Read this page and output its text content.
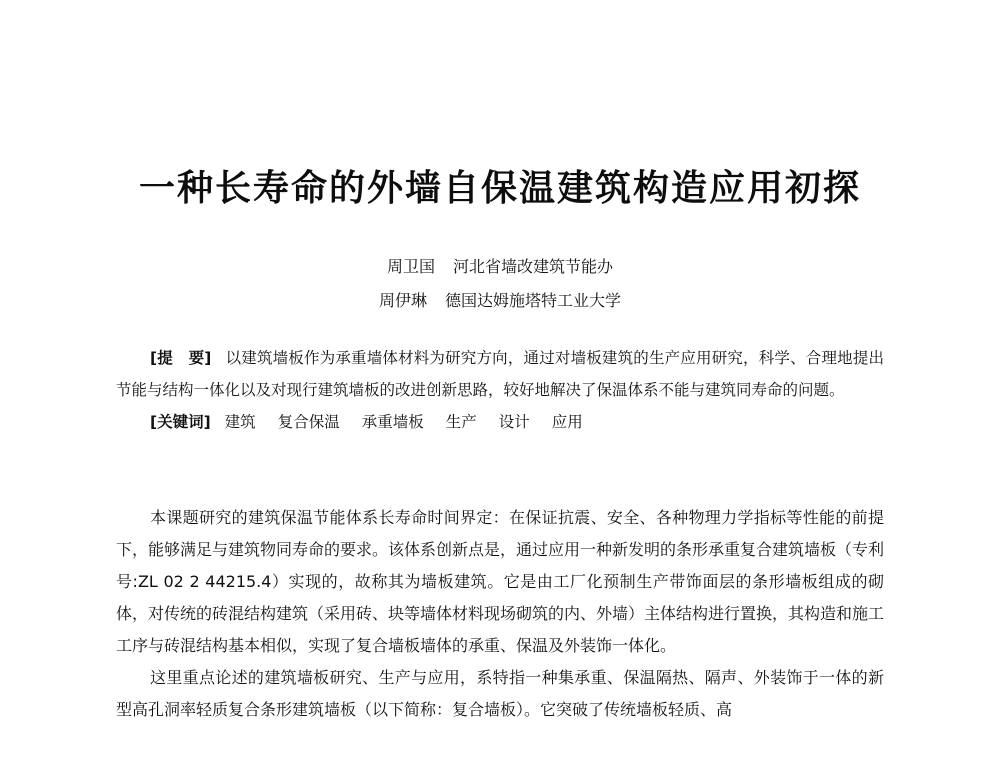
一种长寿命的外墙自保温建筑构造应用初探
周卫国 河北省墙改建筑节能办
周伊琳 德国达姆施塔特工业大学

[提　要] 以建筑墙板作为承重墙体材料为研究方向，通过对墙板建筑的生产应用研究，科学、合理地提出节能与结构一体化以及对现行建筑墙板的改进创新思路，较好地解决了保温体系不能与建筑同寿命的问题。

[关键词] 建筑 复合保温 承重墙板 生产 设计 应用

本课题研究的建筑保温节能体系长寿命时间界定：在保证抗震、安全、各种物理力学指标等性能的前提下，能够满足与建筑物同寿命的要求。该体系创新点是，通过应用一种新发明的条形承重复合建筑墙板（专利号:ZL 02 2 44215.4）实现的，故称其为墙板建筑。它是由工厂化预制生产带饰面层的条形墙板组成的砌体，对传统的砖混结构建筑（采用砖、块等墙体材料现场砌筑的内、外墙）主体结构进行置换，其构造和施工工序与砖混结构基本相似，实现了复合墙板墙体的承重、保温及外装饰一体化。

这里重点论述的建筑墙板研究、生产与应用，系特指一种集承重、保温隔热、隔声、外装饰于一体的新型高孔洞率轻质复合条形建筑墙板（以下简称：复合墙板）。它突破了传统墙板轻质、高
